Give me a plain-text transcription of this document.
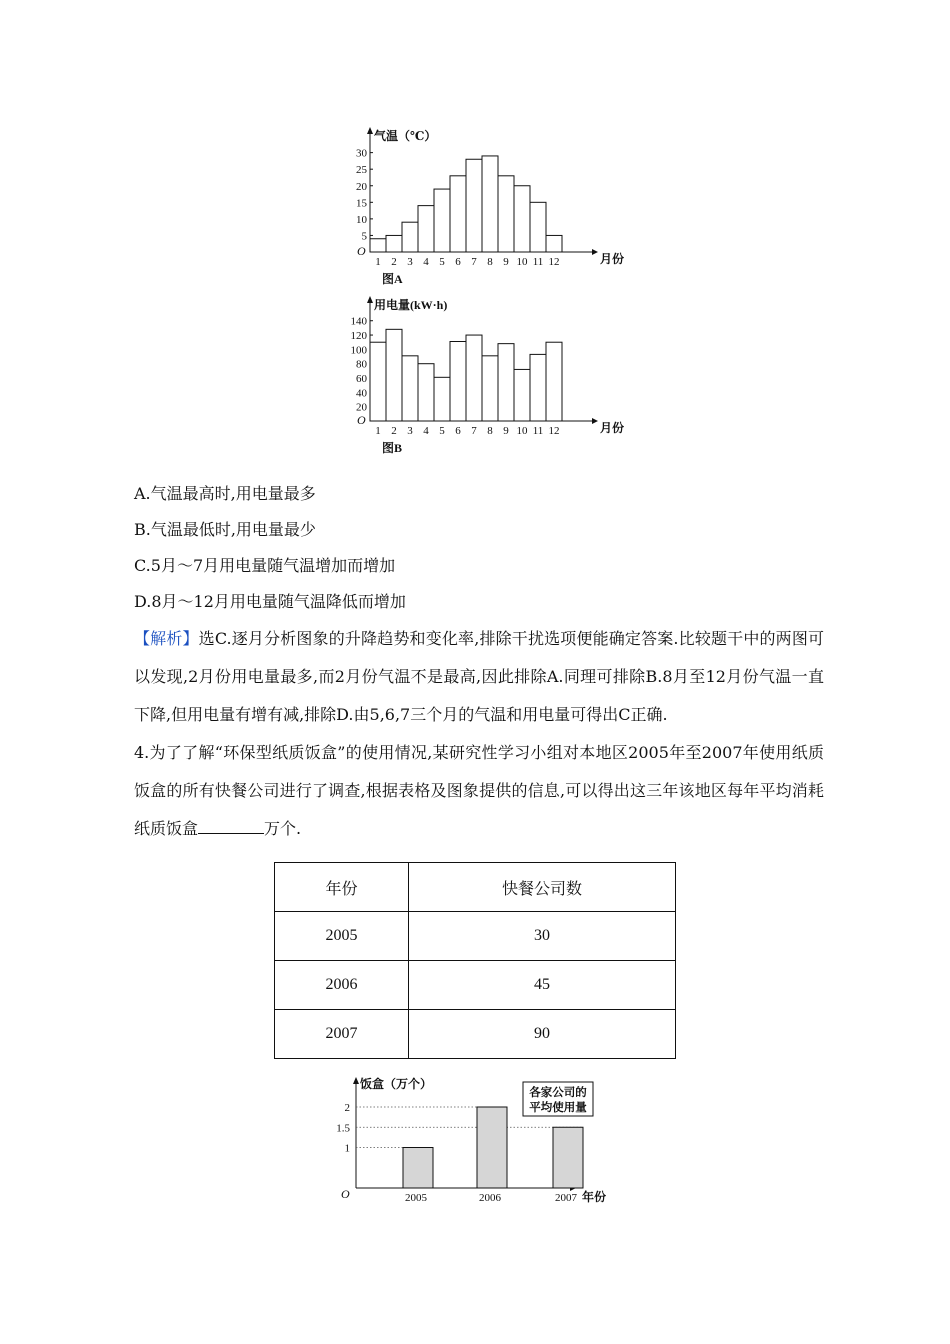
气温（℃）
月份
O
5
10
15
20
25
30
1 2 3 4 5 6 7 8 9 10 11 12
图A
用电量(kW·h)
月份
O
20
40
60
80
100
120
140
1 2 3 4 5 6 7 8 9 10 11 12
图B
A.气温最高时,用电量最多
B.气温最低时,用电量最少
C.5月～7月用电量随气温增加而增加
D.8月～12月用电量随气温降低而增加

【解析】选C.逐月分析图象的升降趋势和变化率,排除干扰选项便能确定答案.比较题干中的两图可以发现,2月份用电量最多,而2月份气温不是最高,因此排除A.同理可排除B.8月至12月份气温一直下降,但用电量有增有减,排除D.由5,6,7三个月的气温和用电量可得出C正确.

4.为了了解“环保型纸质饭盒”的使用情况,某研究性学习小组对本地区2005年至2007年使用纸质饭盒的所有快餐公司进行了调查,根据表格及图象提供的信息,可以得出这三年该地区每年平均消耗纸质饭盒	万个.

年份	快餐公司数
2005	30
2006	45
2007	90
饭盒（万个）
年份
O
1
1.5
2
2005	2006	2007
各家公司的
平均使用量
